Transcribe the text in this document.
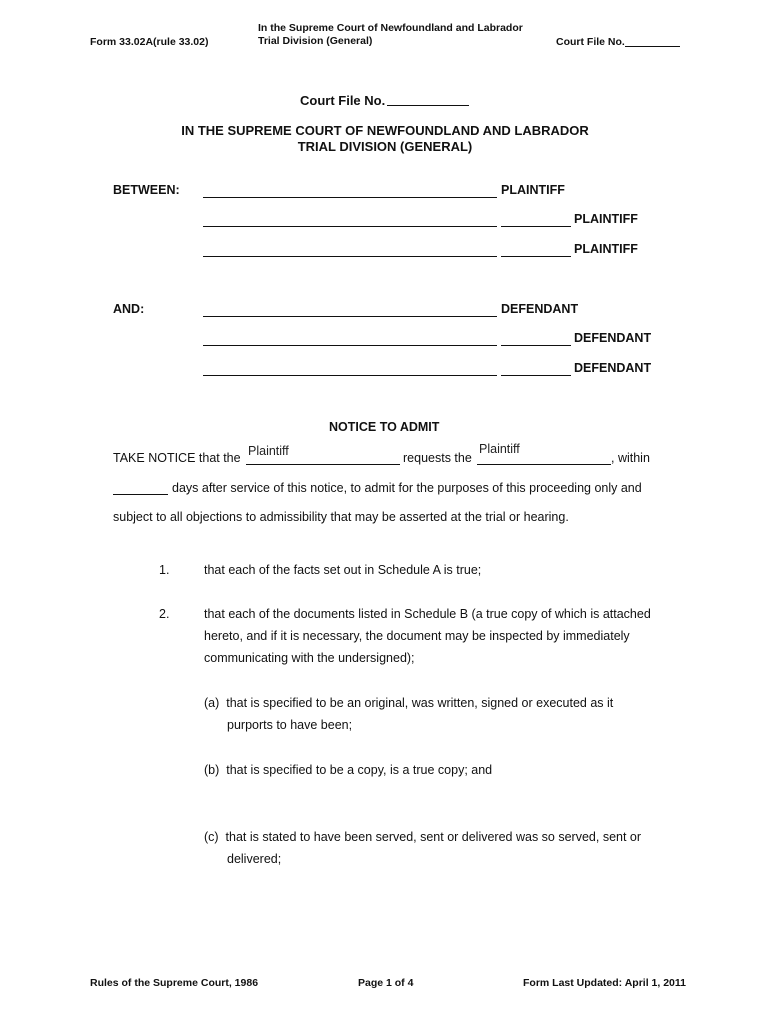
Form 33.02A(rule 33.02)
In the Supreme Court of Newfoundland and Labrador
Trial Division (General)	Court File No.
Court File No.
IN THE SUPREME COURT OF NEWFOUNDLAND AND LABRADOR
TRIAL DIVISION (GENERAL)
BETWEEN:	PLAINTIFF
PLAINTIFF
PLAINTIFF
AND:	DEFENDANT
DEFENDANT
DEFENDANT
NOTICE TO ADMIT
TAKE NOTICE that the Plaintiff	requests the
Plaintiff
, within
days after service of this notice, to admit for the purposes of this proceeding only and
subject to all objections to admissibility that may be asserted at the trial or hearing.
1.	that each of the facts set out in Schedule A is true;
2.	that each of the documents listed in Schedule B (a true copy of which is attached
hereto, and if it is necessary, the document may be inspected by immediately
communicating with the undersigned);
(a)  that is specified to be an original, was written, signed or executed as it
purports to have been;
(b)  that is specified to be a copy, is a true copy; and
(c)  that is stated to have been served, sent or delivered was so served, sent or
delivered;
Rules of the Supreme Court, 1986	Page 1 of 4	Form Last Updated: April 1, 2011
